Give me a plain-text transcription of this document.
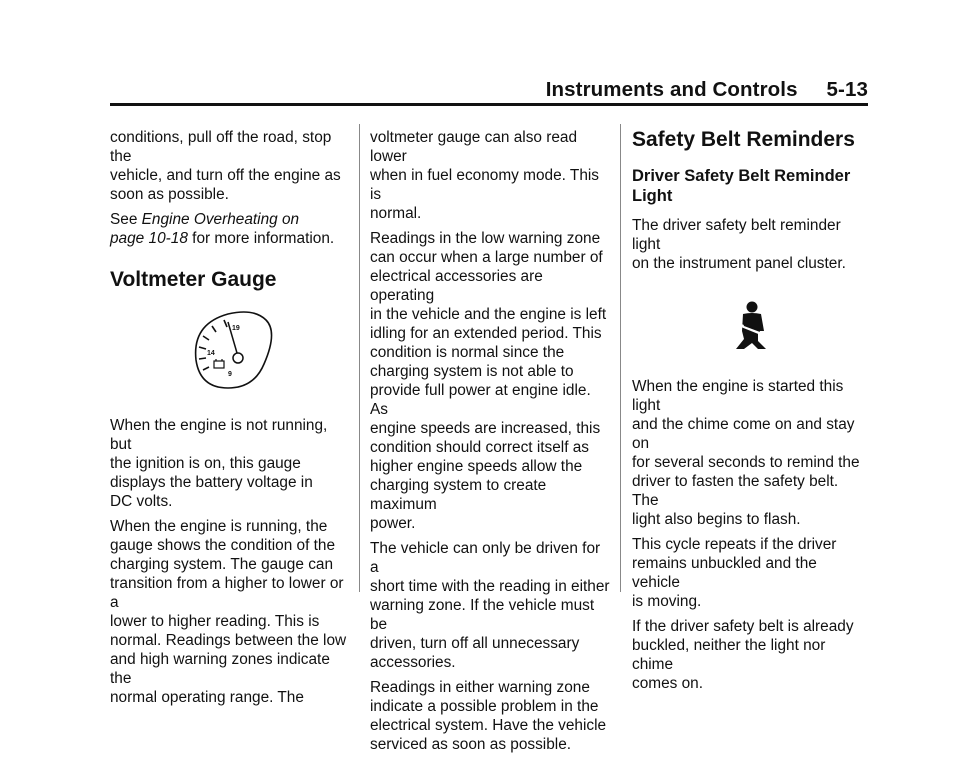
Instruments and Controls     5-13

conditions, pull off the road, stop the
vehicle, and turn off the engine as
soon as possible.

See Engine Overheating on
page 10-18 for more information.

Voltmeter Gauge
19
14
9

When the engine is not running, but
the ignition is on, this gauge
displays the battery voltage in
DC volts.

When the engine is running, the
gauge shows the condition of the
charging system. The gauge can
transition from a higher to lower or a
lower to higher reading. This is
normal. Readings between the low
and high warning zones indicate the
normal operating range. The

voltmeter gauge can also read lower
when in fuel economy mode. This is
normal.

Readings in the low warning zone
can occur when a large number of
electrical accessories are operating
in the vehicle and the engine is left
idling for an extended period. This
condition is normal since the
charging system is not able to
provide full power at engine idle. As
engine speeds are increased, this
condition should correct itself as
higher engine speeds allow the
charging system to create maximum
power.

The vehicle can only be driven for a
short time with the reading in either
warning zone. If the vehicle must be
driven, turn off all unnecessary
accessories.

Readings in either warning zone
indicate a possible problem in the
electrical system. Have the vehicle
serviced as soon as possible.

Safety Belt Reminders
Driver Safety Belt Reminder
Light

The driver safety belt reminder light
on the instrument panel cluster.

When the engine is started this light
and the chime come on and stay on
for several seconds to remind the
driver to fasten the safety belt. The
light also begins to flash.

This cycle repeats if the driver
remains unbuckled and the vehicle
is moving.

If the driver safety belt is already
buckled, neither the light nor chime
comes on.
